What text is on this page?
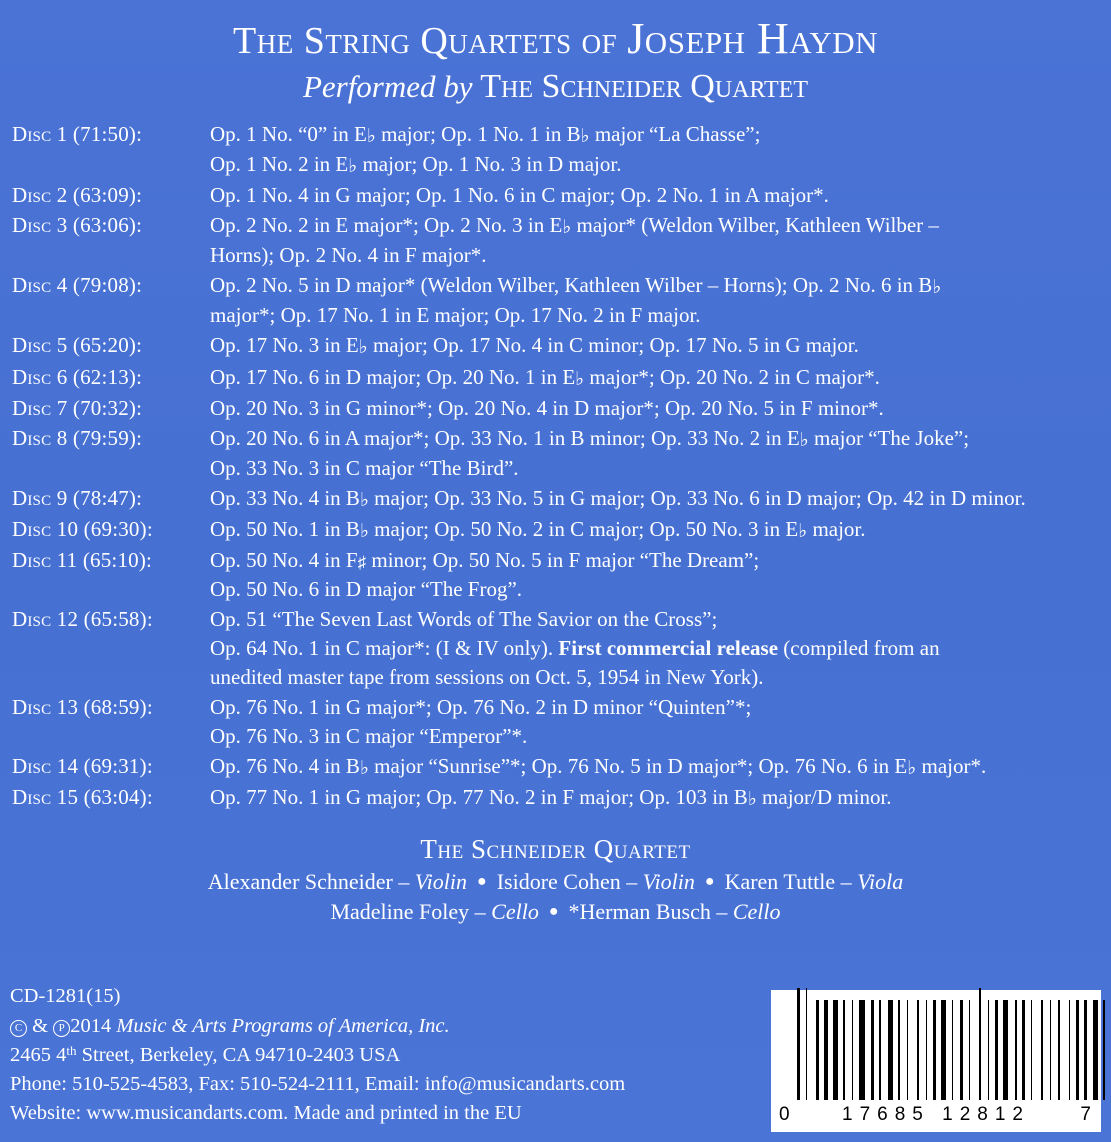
The String Quartets of Joseph Haydn
Performed by The Schneider Quartet
Disc 1 (71:50):	Op. 1 No. “0” in E♭ major; Op. 1 No. 1 in B♭ major “La Chasse”;
Op. 1 No. 2 in E♭ major; Op. 1 No. 3 in D major.
Disc 2 (63:09):	Op. 1 No. 4 in G major; Op. 1 No. 6 in C major; Op. 2 No. 1 in A major*.
Disc 3 (63:06):	Op. 2 No. 2 in E major*; Op. 2 No. 3 in E♭ major* (Weldon Wilber, Kathleen Wilber –
Horns); Op. 2 No. 4 in F major*.
Disc 4 (79:08):	Op. 2 No. 5 in D major* (Weldon Wilber, Kathleen Wilber – Horns); Op. 2 No. 6 in B♭
major*; Op. 17 No. 1 in E major; Op. 17 No. 2 in F major.
Disc 5 (65:20):	Op. 17 No. 3 in E♭ major; Op. 17 No. 4 in C minor; Op. 17 No. 5 in G major.
Disc 6 (62:13):	Op. 17 No. 6 in D major; Op. 20 No. 1 in E♭ major*; Op. 20 No. 2 in C major*.
Disc 7 (70:32):	Op. 20 No. 3 in G minor*; Op. 20 No. 4 in D major*; Op. 20 No. 5 in F minor*.
Disc 8 (79:59):	Op. 20 No. 6 in A major*; Op. 33 No. 1 in B minor; Op. 33 No. 2 in E♭ major “The Joke”;
Op. 33 No. 3 in C major “The Bird”.
Disc 9 (78:47):	Op. 33 No. 4 in B♭ major; Op. 33 No. 5 in G major; Op. 33 No. 6 in D major; Op. 42 in D minor.
Disc 10 (69:30):	Op. 50 No. 1 in B♭ major; Op. 50 No. 2 in C major; Op. 50 No. 3 in E♭ major.
Disc 11 (65:10):	Op. 50 No. 4 in F♯ minor; Op. 50 No. 5 in F major “The Dream”;
Op. 50 No. 6 in D major “The Frog”.
Disc 12 (65:58):	Op. 51 “The Seven Last Words of The Savior on the Cross”;
Op. 64 No. 1 in C major*: (I & IV only). First commercial release (compiled from an
unedited master tape from sessions on Oct. 5, 1954 in New York).
Disc 13 (68:59):	Op. 76 No. 1 in G major*; Op. 76 No. 2 in D minor “Quinten”*;
Op. 76 No. 3 in C major “Emperor”*.
Disc 14 (69:31):	Op. 76 No. 4 in B♭ major “Sunrise”*; Op. 76 No. 5 in D major*; Op. 76 No. 6 in E♭ major*.
Disc 15 (63:04):	Op. 77 No. 1 in G major; Op. 77 No. 2 in F major; Op. 103 in B♭ major/D minor.
The Schneider Quartet
Alexander Schneider – Violin ● Isidore Cohen – Violin ● Karen Tuttle – Viola
Madeline Foley – Cello ● *Herman Busch – Cello
CD-1281(15)
C & P 2014 Music & Arts Programs of America, Inc.
2465 4th Street, Berkeley, CA 94710-2403 USA
Phone: 510-525-4583, Fax: 510-524-2111, Email: info@musicandarts.com
Website: www.musicandarts.com. Made and printed in the EU	0	17685 12812	7
